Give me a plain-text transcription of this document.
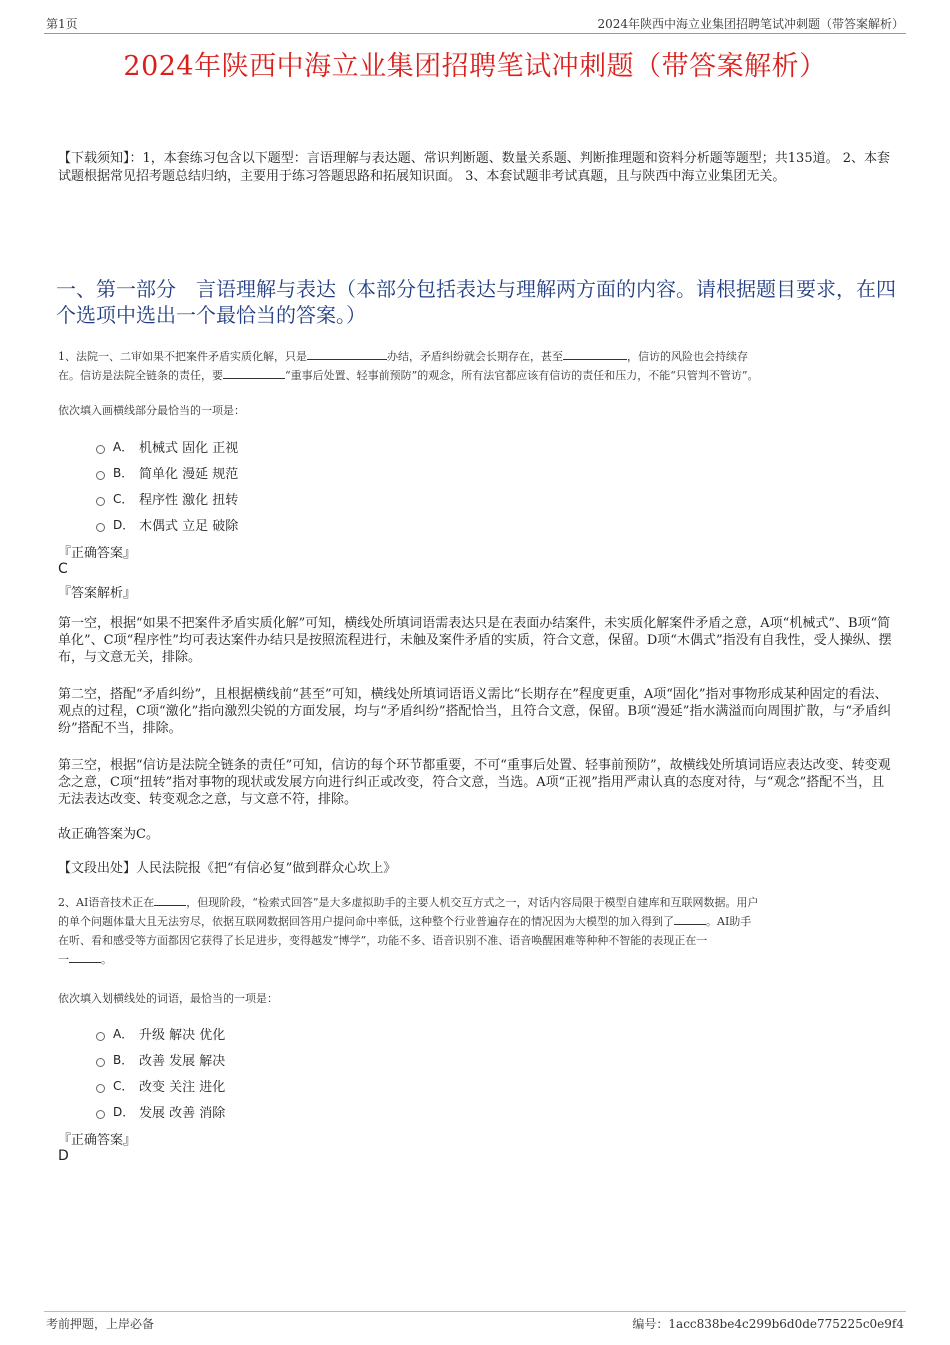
第1页	2024年陕西中海立业集团招聘笔试冲刺题（带答案解析）
2024年陕西中海立业集团招聘笔试冲刺题（带答案解析）
【下载须知】：1，本套练习包含以下题型：言语理解与表达题、常识判断题、数量关系题、判断推理题和资料分析题等题型；共135道。 2、本套试题根据常见招考题总结归纳，主要用于练习答题思路和拓展知识面。 3、本套试题非考试真题，且与陕西中海立业集团无关。
一、第一部分　言语理解与表达（本部分包括表达与理解两方面的内容。请根据题目要求，在四个选项中选出一个最恰当的答案。）
1、法院一、二审如果不把案件矛盾实质化解，只是	办结，矛盾纠纷就会长期存在，甚至	，信访的风险也会持续存
在。信访是法院全链条的责任，要	“重事后处置、轻事前预防”的观念，所有法官都应该有信访的责任和压力，不能“只管判不管访”。
依次填入画横线部分最恰当的一项是：
A． 机械式 固化 正视
B． 简单化 漫延 规范
C． 程序性 激化 扭转
D． 木偶式 立足 破除
『正确答案』
C
『答案解析』
第一空，根据“如果不把案件矛盾实质化解”可知，横线处所填词语需表达只是在表面办结案件，未实质化解案件矛盾之意，A项“机械式”、B项“简单化”、C项“程序性”均可表达案件办结只是按照流程进行，未触及案件矛盾的实质，符合文意，保留。D项“木偶式”指没有自我性，受人操纵、摆布，与文意无关，排除。
第二空，搭配“矛盾纠纷”，且根据横线前“甚至”可知，横线处所填词语语义需比“长期存在”程度更重，A项“固化”指对事物形成某种固定的看法、观点的过程，C项“激化”指向激烈尖锐的方面发展，均与“矛盾纠纷”搭配恰当，且符合文意，保留。B项“漫延”指水满溢而向周围扩散，与“矛盾纠纷”搭配不当，排除。
第三空，根据“信访是法院全链条的责任”可知，信访的每个环节都重要，不可“重事后处置、轻事前预防”，故横线处所填词语应表达改变、转变观念之意，C项“扭转”指对事物的现状或发展方向进行纠正或改变，符合文意，当选。A项“正视”指用严肃认真的态度对待，与“观念”搭配不当，且无法表达改变、转变观念之意，与文意不符，排除。
故正确答案为C。
【文段出处】人民法院报《把“有信必复”做到群众心坎上》
2、AI语音技术正在	，但现阶段，“检索式回答”是大多虚拟助手的主要人机交互方式之一，对话内容局限于模型自建库和互联网数据。用户
的单个问题体量大且无法穷尽，依据互联网数据回答用户提问命中率低，这种整个行业普遍存在的情况因为大模型的加入得到了	。AI助手
在听、看和感受等方面都因它获得了长足进步，变得越发“博学”，功能不多、语音识别不准、语音唤醒困难等种种不智能的表现正在一
一	。
依次填入划横线处的词语，最恰当的一项是：
A． 升级 解决 优化
B． 改善 发展 解决
C． 改变 关注 进化
D． 发展 改善 消除
『正确答案』
D
考前押题，上岸必备	编号：1acc838be4c299b6d0de775225c0e9f4
